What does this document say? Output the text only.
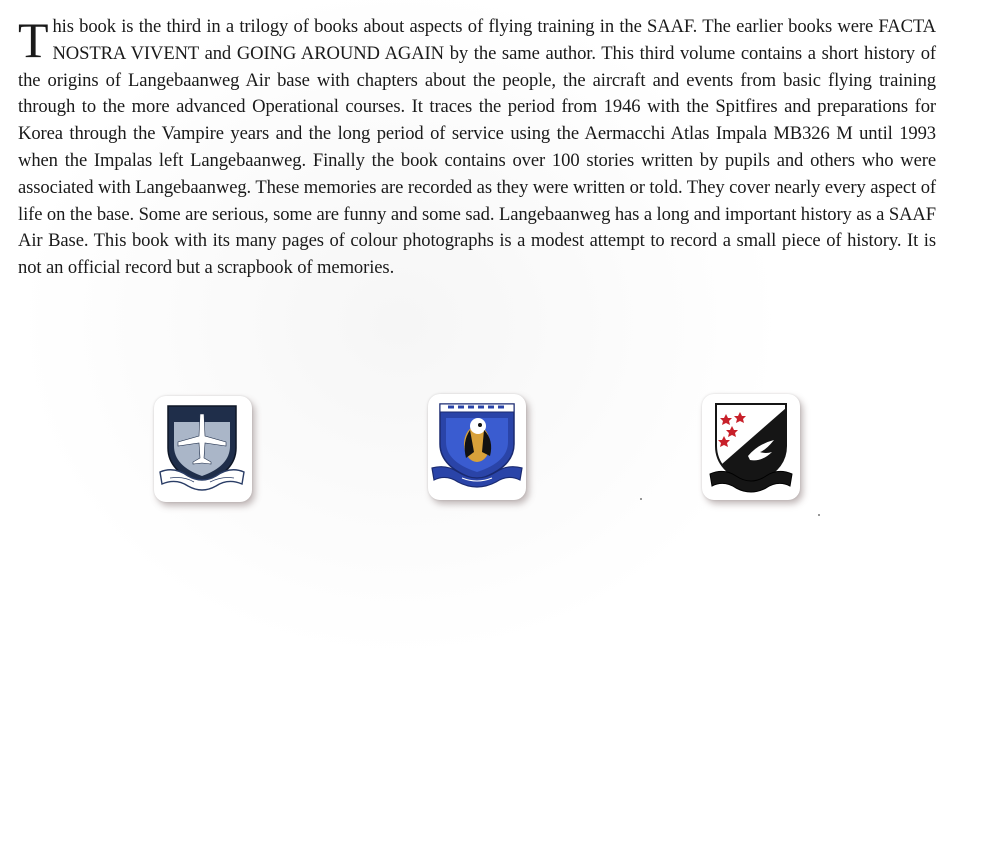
This book is the third in a trilogy of books about aspects of flying training in the SAAF. The earlier books were FACTA NOSTRA VIVENT and GOING AROUND AGAIN by the same author. This third volume contains a short history of the origins of Langebaanweg Air base with chapters about the people, the aircraft and events from basic flying training through to the more advanced Operational courses. It traces the period from 1946 with the Spitfires and preparations for Korea through the Vampire years and the long period of service using the Aermacchi Atlas Impala MB326 M until 1993 when the Impalas left Langebaanweg. Finally the book contains over 100 stories written by pupils and others who were associated with Langebaanweg. These memories are recorded as they were written or told. They cover nearly every aspect of life on the base. Some are serious, some are funny and some sad. Langebaanweg has a long and important history as a SAAF Air Base. This book with its many pages of colour photographs is a modest attempt to record a small piece of history. It is not an official record but a scrapbook of memories.
